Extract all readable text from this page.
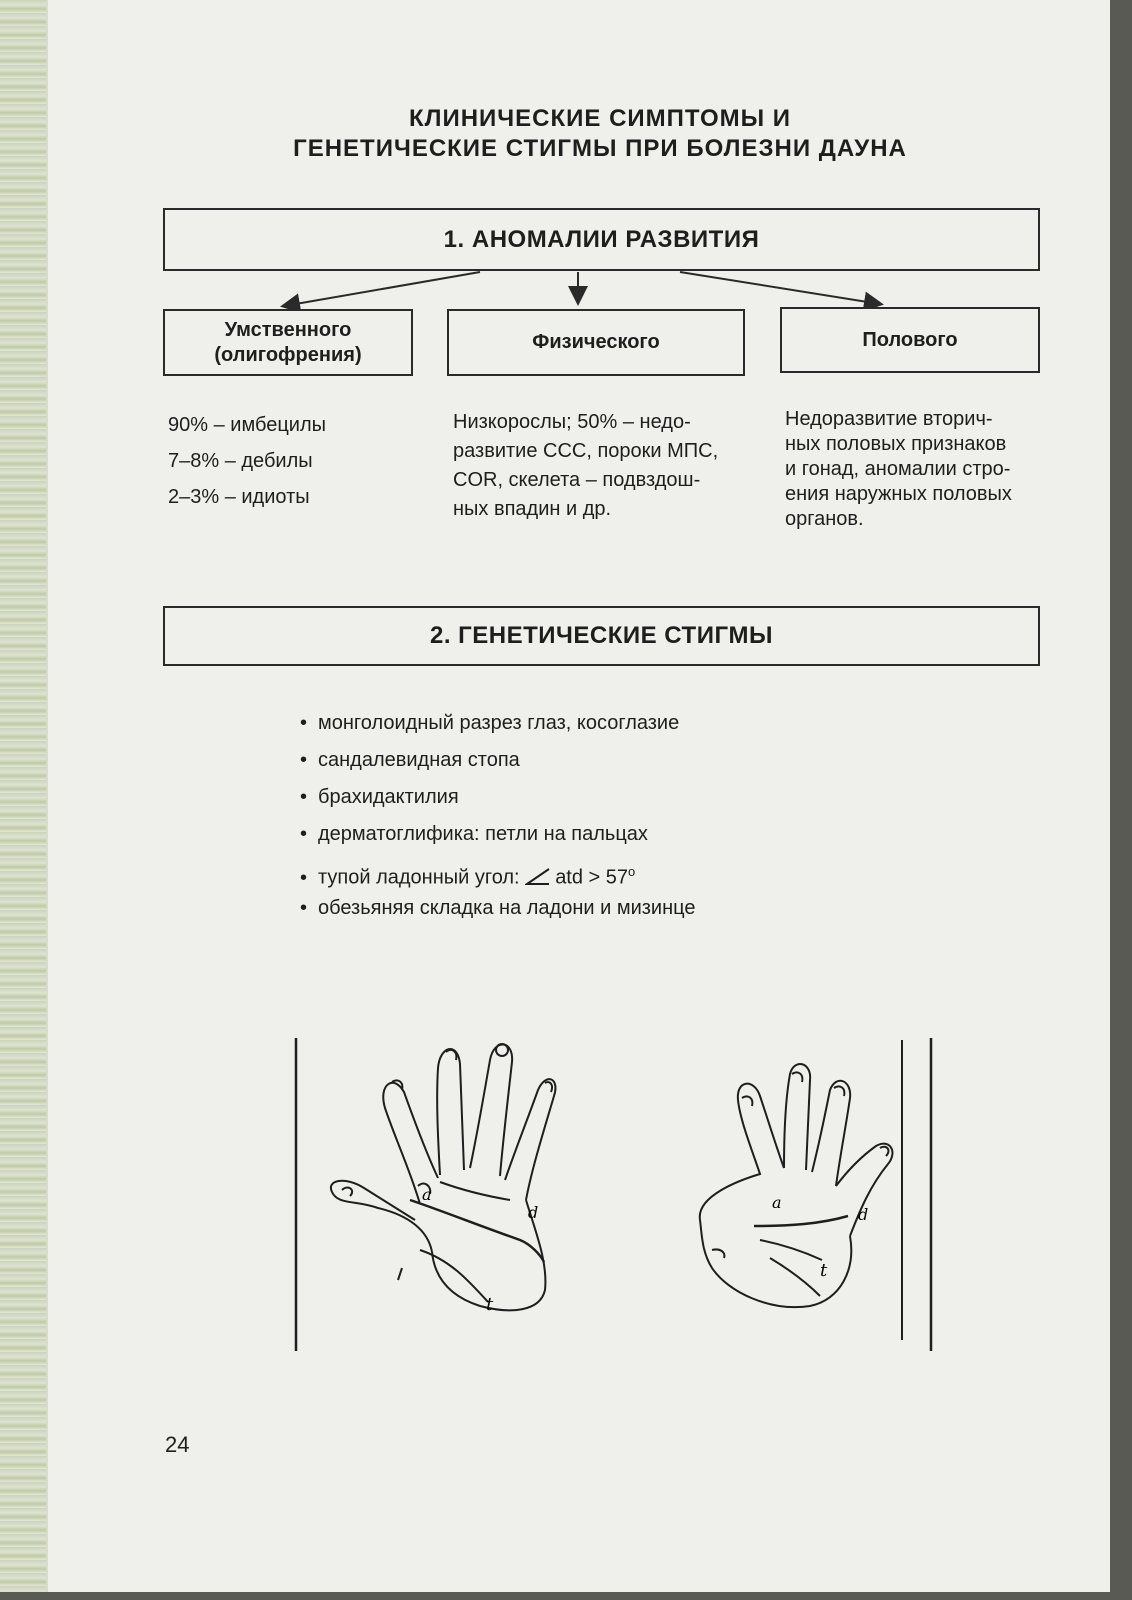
КЛИНИЧЕСКИЕ СИМПТОМЫ И
ГЕНЕТИЧЕСКИЕ СТИГМЫ ПРИ БОЛЕЗНИ ДАУНА
1. АНОМАЛИИ РАЗВИТИЯ
Умственного
(олигофрения)
Физического	Полового

90% – имбецилы

7–8% – дебилы

2–3% – идиоты

Низкорослы; 50% – недо-
развитие ССС, пороки МПС,
COR, скелета – подвздош-
ных впадин и др.
Недоразвитие вторич-
ных половых признаков
и гонад, аномалии стро-
ения наружных половых
органов.
2. ГЕНЕТИЧЕСКИЕ СТИГМЫ
• монголоидный разрез глаз, косоглазие
• сандалевидная стопа
• брахидактилия
• дерматоглифика: петли на пальцах
• тупой ладонный угол: atd > $57^o$
• обезьяняя складка на ладони и мизинце
a
d
t
a
d
t
24
